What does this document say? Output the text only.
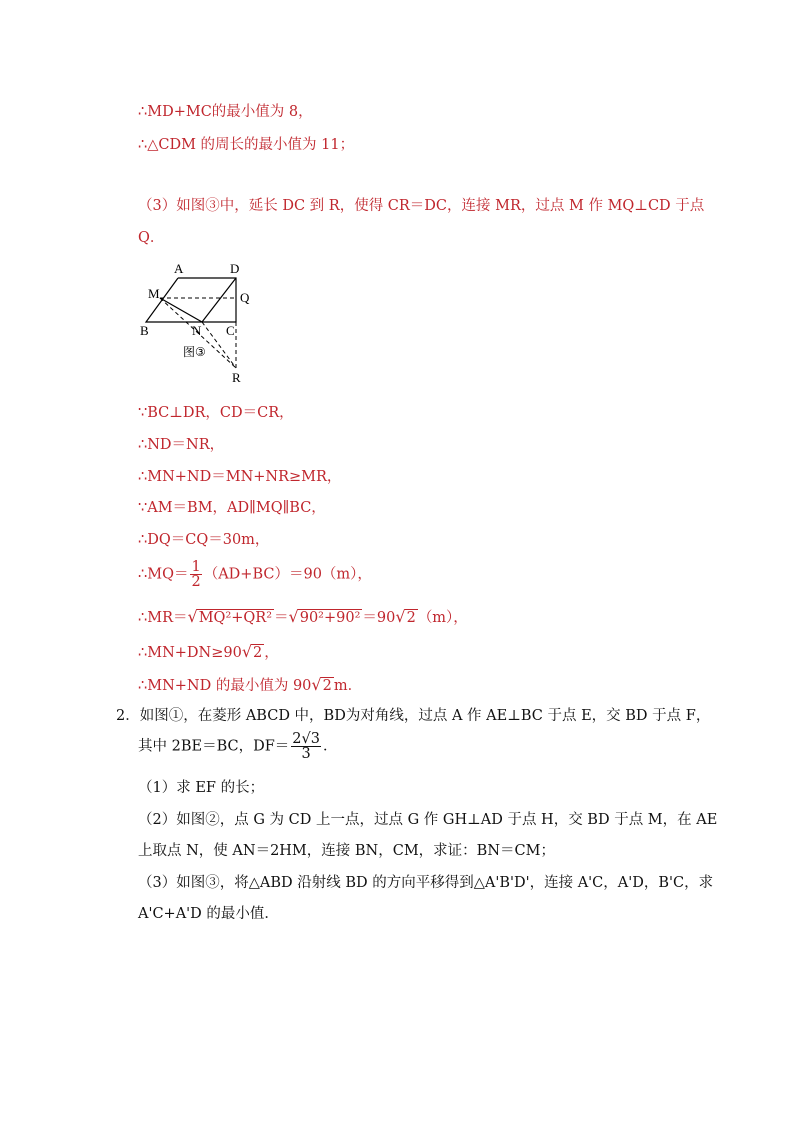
∴MD+MC的最小值为 8，
∴△CDM 的周长的最小值为 11；
（3）如图③中，延长 DC 到 R，使得 CR＝DC，连接 MR，过点 M 作 MQ⊥CD 于点
Q．
A	D
M	Q
B	N C
R
图③
∵BC⊥DR，CD＝CR，
∴ND＝NR，
∴MN+ND＝MN+NR≥MR，
∵AM＝BM，AD∥MQ∥BC，
∴DQ＝CQ＝30m，
∴MQ＝ $\frac{1}{2} (AD+BC)=90(m)$，
∴MR＝√MQ²+QR² ＝√90²+90² ＝90√2 （m），
∴MN+DN≥90√2 ，
∴MN+ND 的最小值为 90√2 m．
2．如图①，在菱形 ABCD 中，BD为对角线，过点 A 作 AE⊥BC 于点 E，交 BD 于点 F，
其中 2BE＝BC，$DF= \frac{2√3}{3}$ ．
（1）求 EF 的长；
（2）如图②，点 G 为 CD 上一点，过点 G 作 GH⊥AD 于点 H，交 BD 于点 M，在 AE
上取点 N，使 AN＝2HM，连接 BN，CM，求证：BN＝CM；
（3）如图③，将△ABD 沿射线 BD 的方向平移得到△A'B'D'，连接 A'C，A'D，B'C，求
A'C+A'D 的最小值．
